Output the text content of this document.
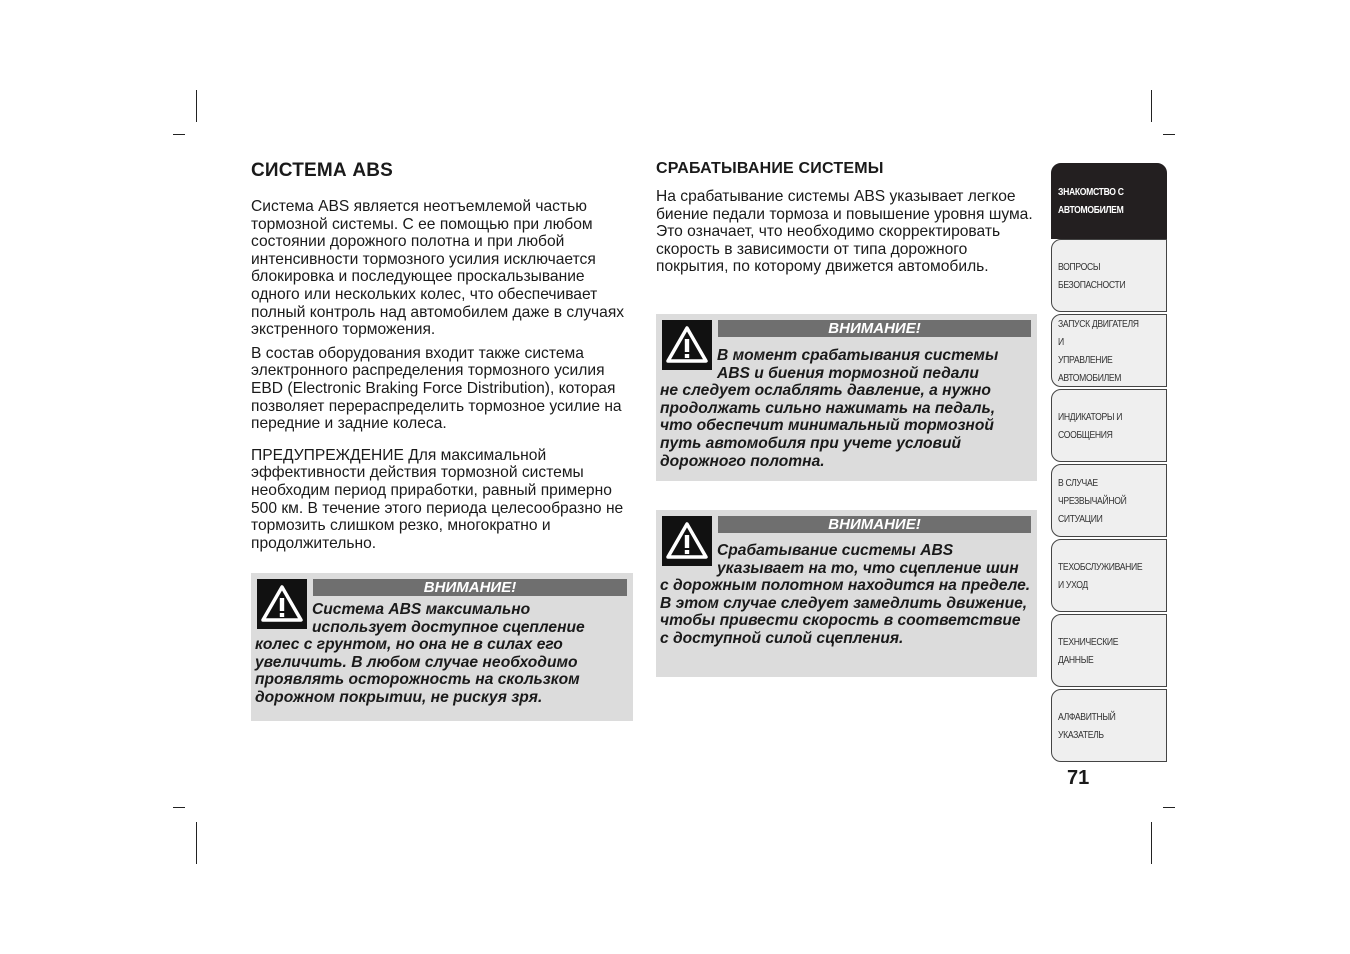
СИСТЕМА ABS
Система ABS является неотъемлемой частью тормозной системы. С ее помощью при любом состоянии дорожного полотна и при любой интенсивности тормозного усилия исключается блокировка и последующее проскальзывание одного или нескольких колес, что обеспечивает полный контроль над автомобилем даже в случаях экстренного торможения.
В состав оборудования входит также система электронного распределения тормозного усилия EBD (Electronic Braking Force Distribution), которая позволяет перераспределить тормозное усилие на передние и задние колеса.
ПРЕДУПРЕЖДЕНИЕ Для максимальной эффективности действия тормозной системы необходим период приработки, равный примерно 500 км. В течение этого периода целесообразно не тормозить слишком резко, многократно и продолжительно.
ВНИМАНИЕ!
Система ABS максимально использует доступное сцепление
колес с грунтом, но она не в силах его увеличить. В любом случае необходимо проявлять осторожность на скользком дорожном покрытии, не рискуя зря.
СРАБАТЫВАНИЕ СИСТЕМЫ
На срабатывание системы ABS указывает легкое биение педали тормоза и повышение уровня шума. Это означает, что необходимо скорректировать скорость в зависимости от типа дорожного покрытия, по которому движется автомобиль.
ВНИМАНИЕ!
В момент срабатывания системы ABS и биения тормозной педали
не следует ослаблять давление, а нужно продолжать сильно нажимать на педаль, что обеспечит минимальный тормозной путь автомобиля при учете условий дорожного полотна.
ВНИМАНИЕ!
Срабатывание системы ABS указывает на то, что сцепление шин
с дорожным полотном находится на пределе. В этом случае следует замедлить движение, чтобы привести скорость в соответствие с доступной силой сцепления.
ЗНАКОМСТВО С
АВТОМОБИЛЕМ
ВОПРОСЫ
БЕЗОПАСНОСТИ
ЗАПУСК ДВИГАТЕЛЯ И
УПРАВЛЕНИЕ
АВТОМОБИЛЕМ
ИНДИКАТОРЫ И
СООБЩЕНИЯ
В СЛУЧАЕ
ЧРЕЗВЫЧАЙНОЙ
СИТУАЦИИ
ТЕХОБСЛУЖИВАНИЕ
И УХОД
ТЕХНИЧЕСКИЕ
ДАННЫЕ
АЛФАВИТНЫЙ
УКАЗАТЕЛЬ
71
